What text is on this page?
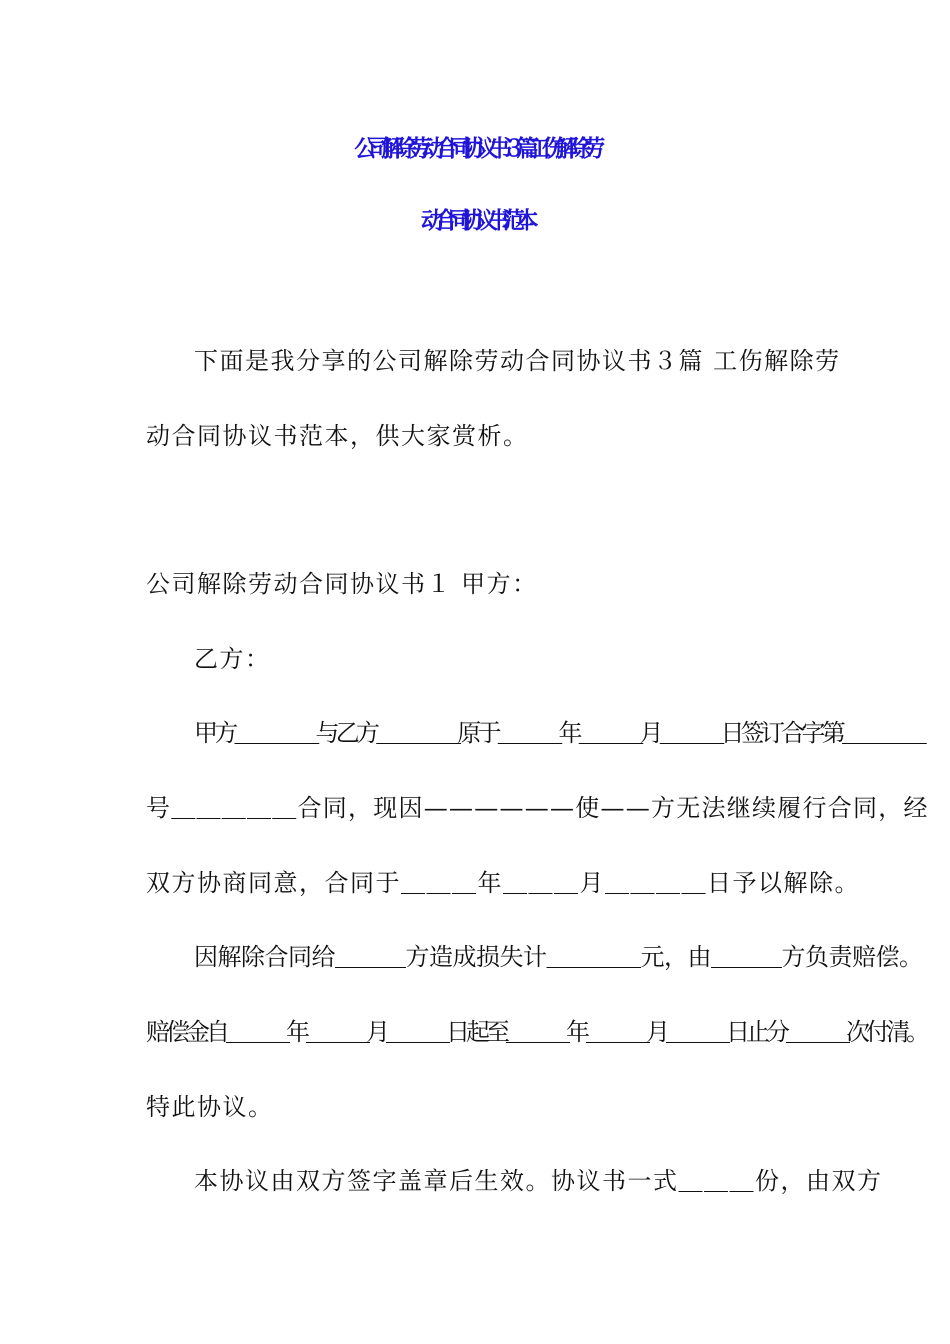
公司解除劳动合同协议书３篇 工伤解除劳
动合同协议书范本
下面是我分享的公司解除劳动合同协议书３篇 工伤解除劳
动合同协议书范本，供大家赏析。
公司解除劳动合同协议书１ 甲方：
乙方：
甲方＿＿＿＿与乙方＿＿＿＿原于＿＿＿年＿＿＿月＿＿＿日签订合字第＿＿＿＿
号＿＿＿＿＿合同，现因——————使——方无法继续履行合同，经
双方协商同意，合同于＿＿＿年＿＿＿月＿＿＿＿日予以解除。
因解除合同给＿＿＿方造成损失计＿＿＿＿元，由＿＿＿方负责赔偿。
赔偿金自＿＿＿年＿＿＿月＿＿＿日起至＿＿＿年＿＿＿月＿＿＿日止分＿＿＿次付清。
特此协议。
本协议由双方签字盖章后生效。协议书一式＿＿＿份，由双方
